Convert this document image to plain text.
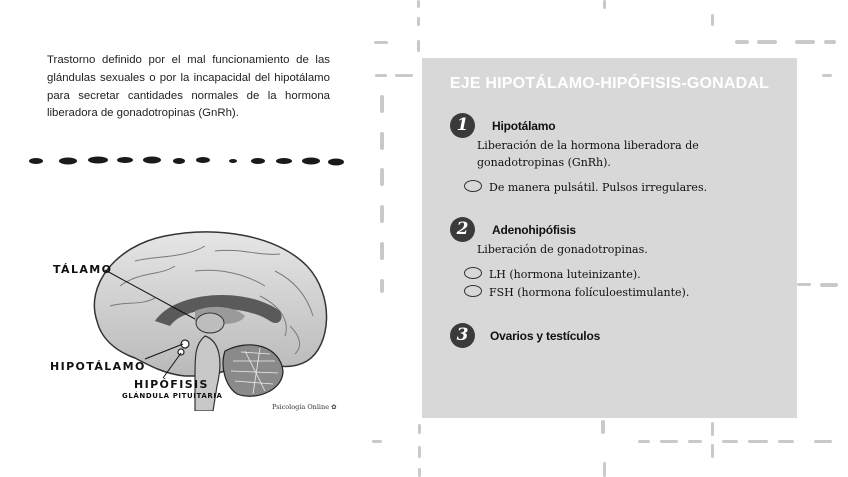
Trastorno definido por el mal funcionamiento de las glándulas sexuales o por la incapacidal del hipotálamo para secretar cantidades normales de la hormona liberadora de gonadotropinas (GnRh).

TÁLAMO
HIPOTÁLAMO
HIPÓFISIS
GLÁNDULA PITUITARIA
Psicología Online ✿
EJE HIPOTÁLAMO-HIPÓFISIS-GONADAL
1	Hipotálamo
Liberación de la hormona liberadora de
gonadotropinas (GnRh).
De manera pulsátil. Pulsos irregulares.
2	Adenohipófisis
Liberación de gonadotropinas.
LH (hormona luteinizante).
FSH (hormona folículoestimulante).
3	Ovarios y testículos
